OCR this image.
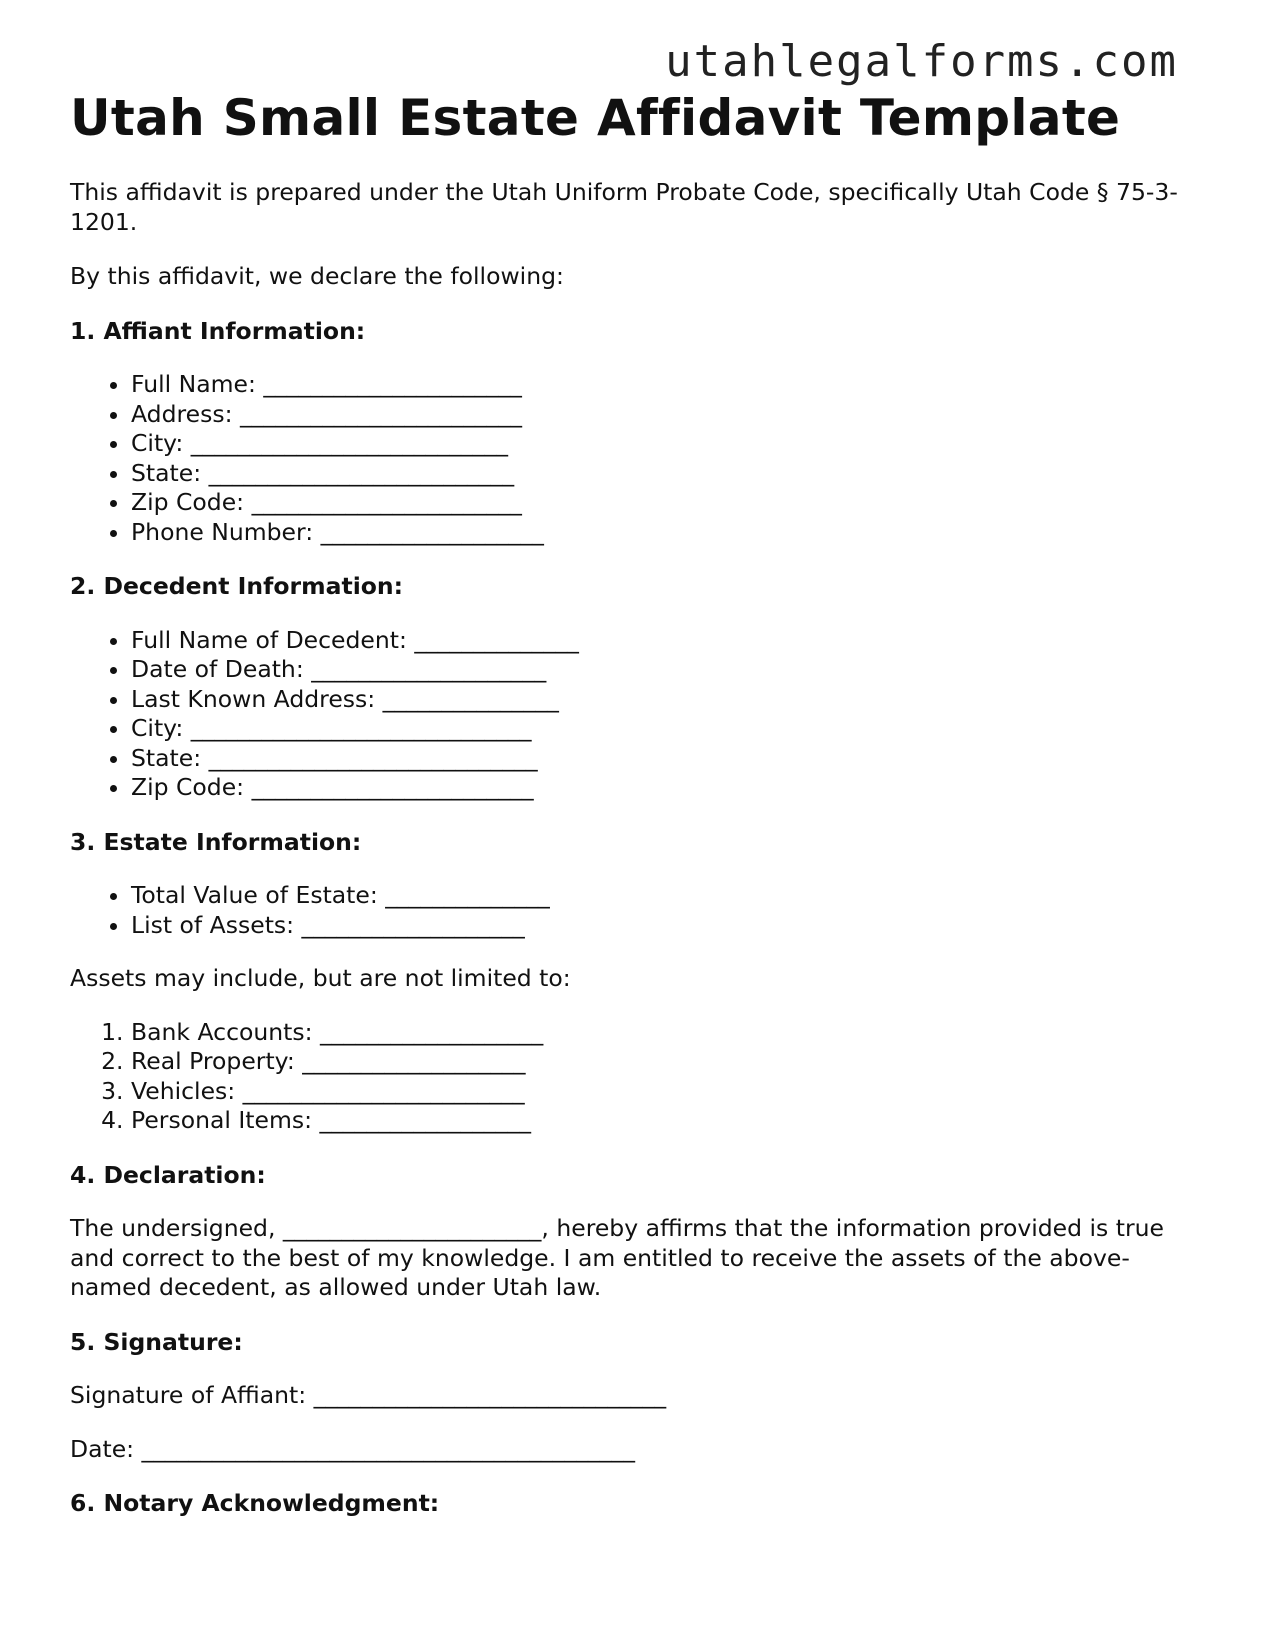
utahlegalforms.com
Utah Small Estate Affidavit Template

This affidavit is prepared under the Utah Uniform Probate Code, specifically Utah Code § 75-3-1201.

By this affidavit, we declare the following:

1. Affiant Information:
• Full Name: ______________________
• Address: ________________________
• City: ___________________________
• State: __________________________
• Zip Code: _______________________
• Phone Number: ___________________
2. Decedent Information:
• Full Name of Decedent: ______________
• Date of Death: ____________________
• Last Known Address: _______________
• City: _____________________________
• State: ____________________________
• Zip Code: ________________________
3. Estate Information:
• Total Value of Estate: ______________
• List of Assets: ___________________

Assets may include, but are not limited to:

1. Bank Accounts: ___________________
2. Real Property: ___________________
3. Vehicles: ________________________
4. Personal Items: __________________
4. Declaration:

The undersigned, ______________________, hereby affirms that the information provided is true and correct to the best of my knowledge. I am entitled to receive the assets of the above-named decedent, as allowed under Utah law.

5. Signature:

Signature of Affiant: ______________________________

Date: __________________________________________

6. Notary Acknowledgment:
